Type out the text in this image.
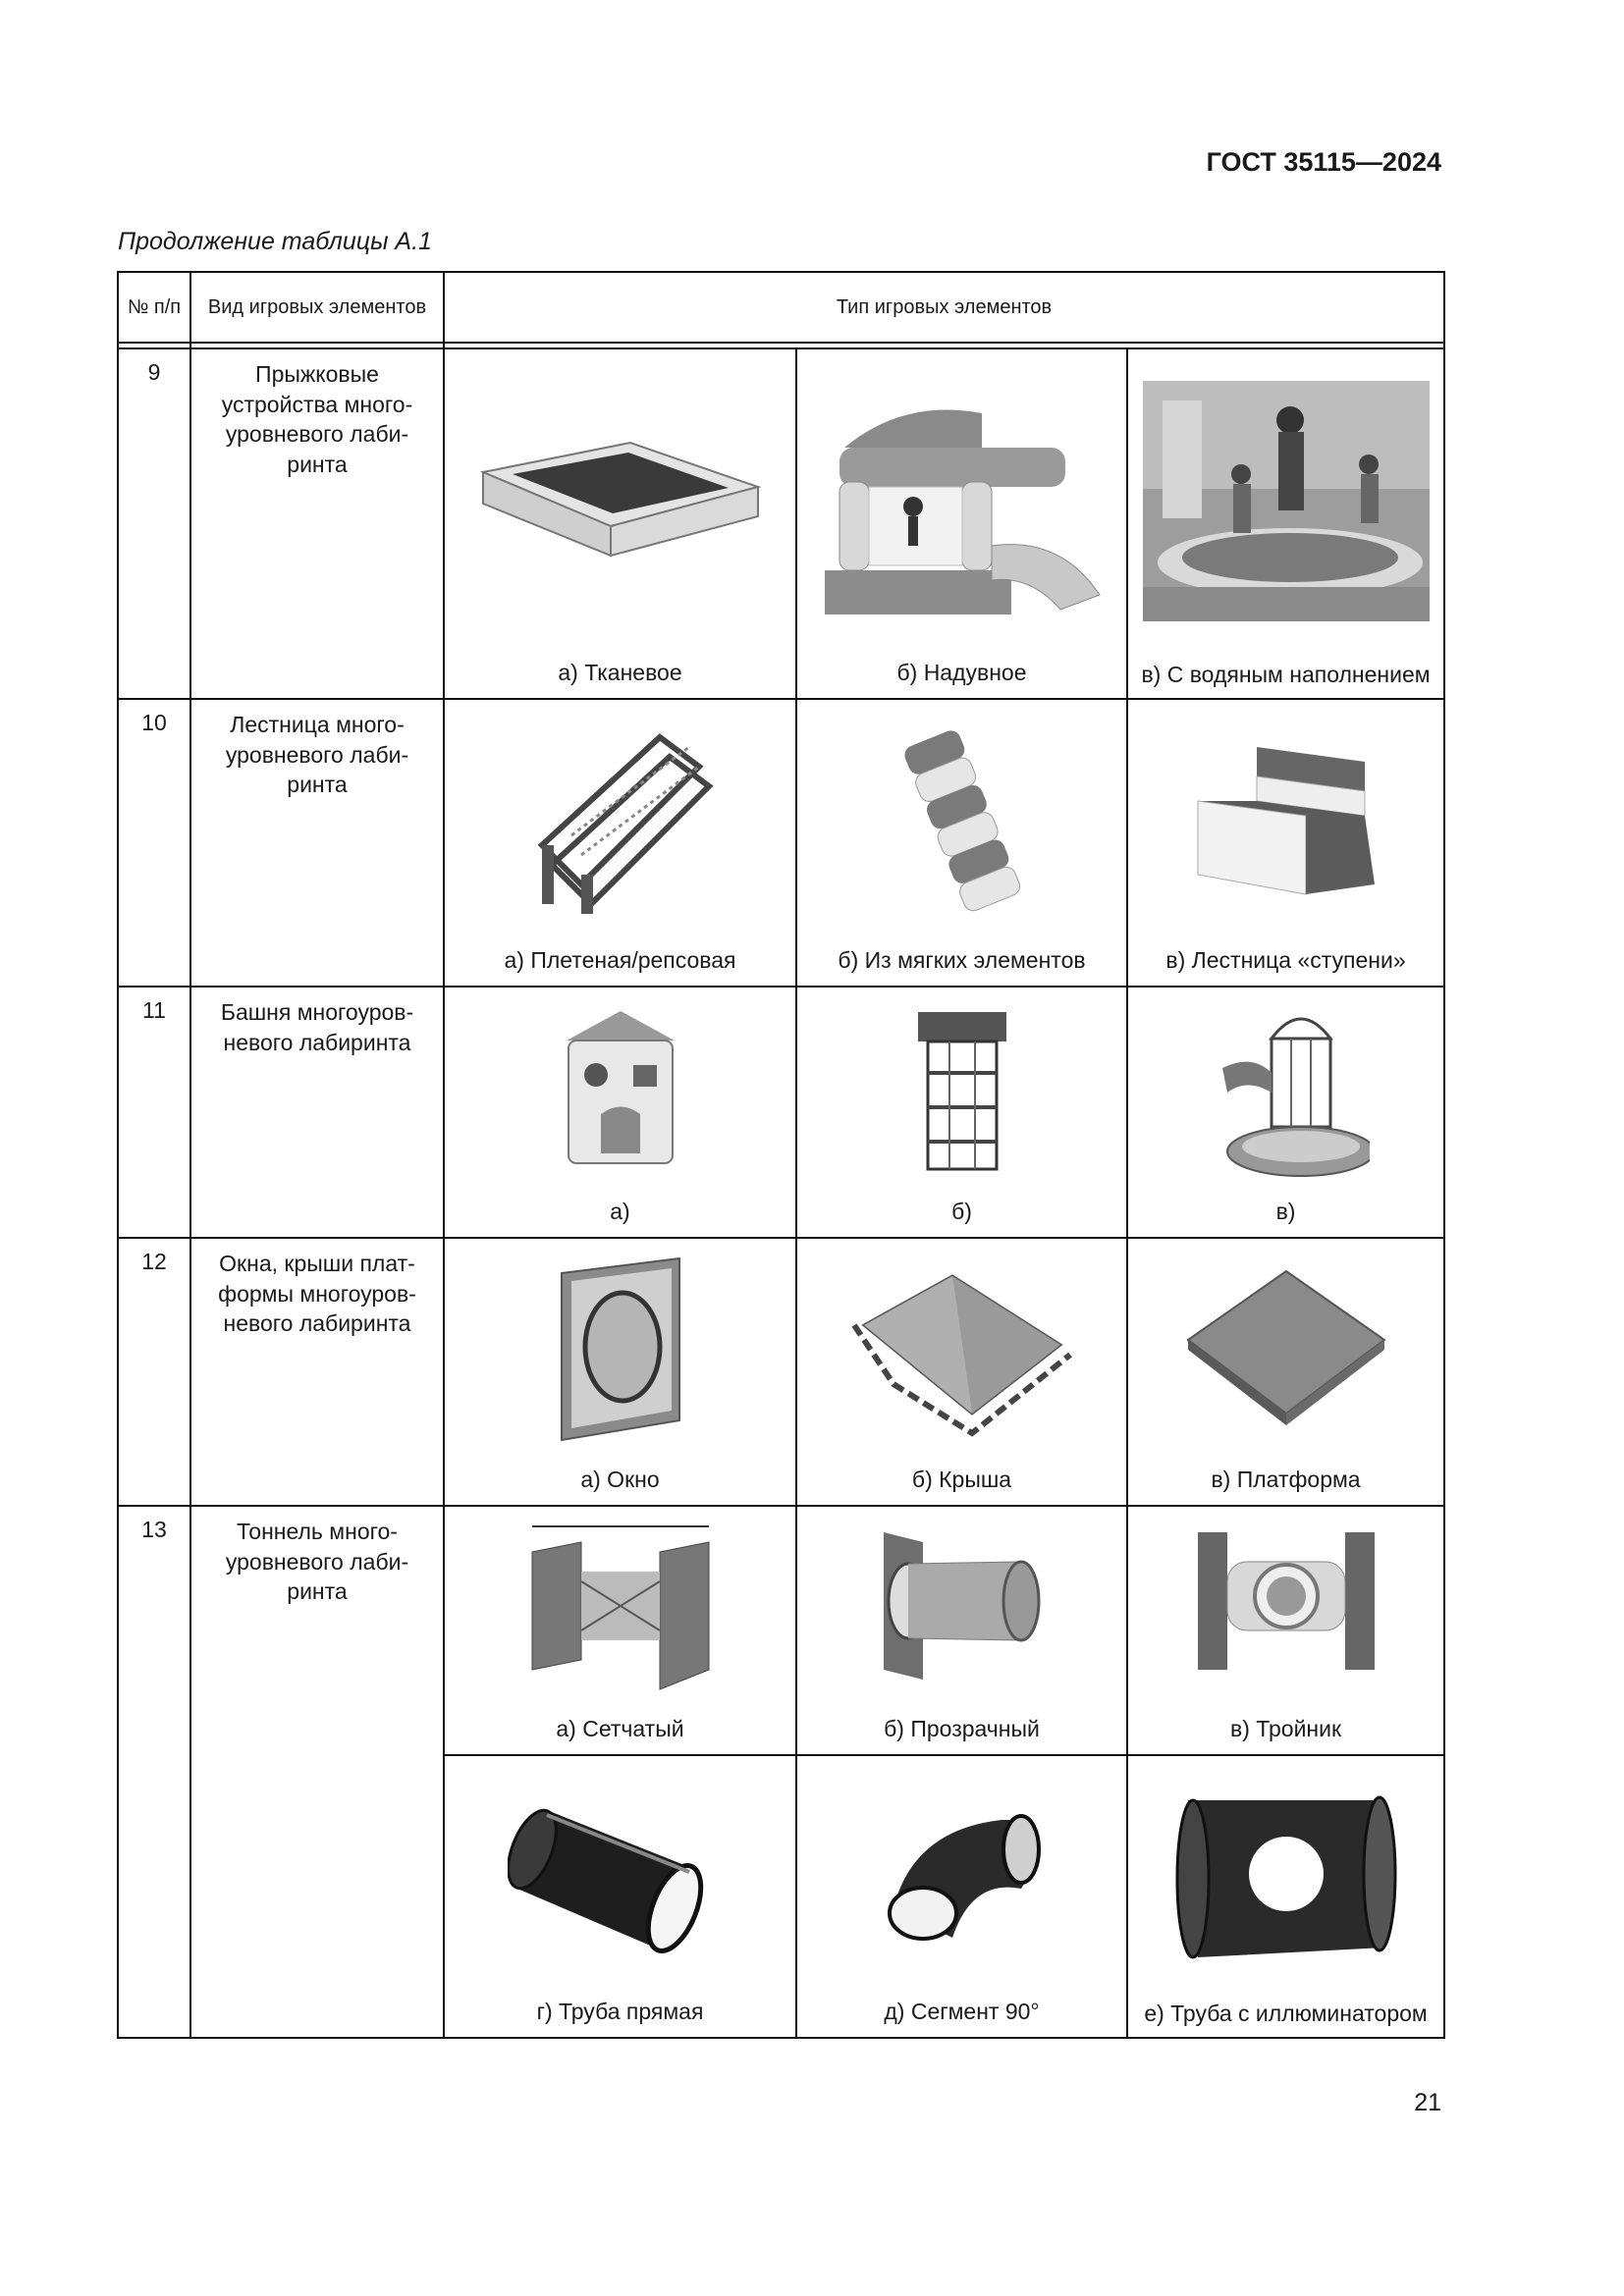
ГОСТ 35115—2024
Продолжение таблицы А.1
№ п/п	Вид игровых элементов	Тип игровых элементов		

9	Прыжковые устройства много-уровневого лаби-ринта	а) Тканевое	б) Надувное	в) С водяным наполнением

10	Лестница много-уровневого лаби-ринта	а) Плетеная/репсовая	б) Из мягких элементов	в) Лестница «ступени»

11	Башня многоуров-невого лабиринта	а)	б)	в)

12	Окна, крыши плат-формы многоуров-невого лабиринта	а) Окно	б) Крыша	в) Платформа

13	Тоннель много-уровневого лаби-ринта	а) Сетчатый	б) Прозрачный	в) Тройник

		г) Труба прямая	д) Сегмент 90°	е) Труба с иллюминатором
21
